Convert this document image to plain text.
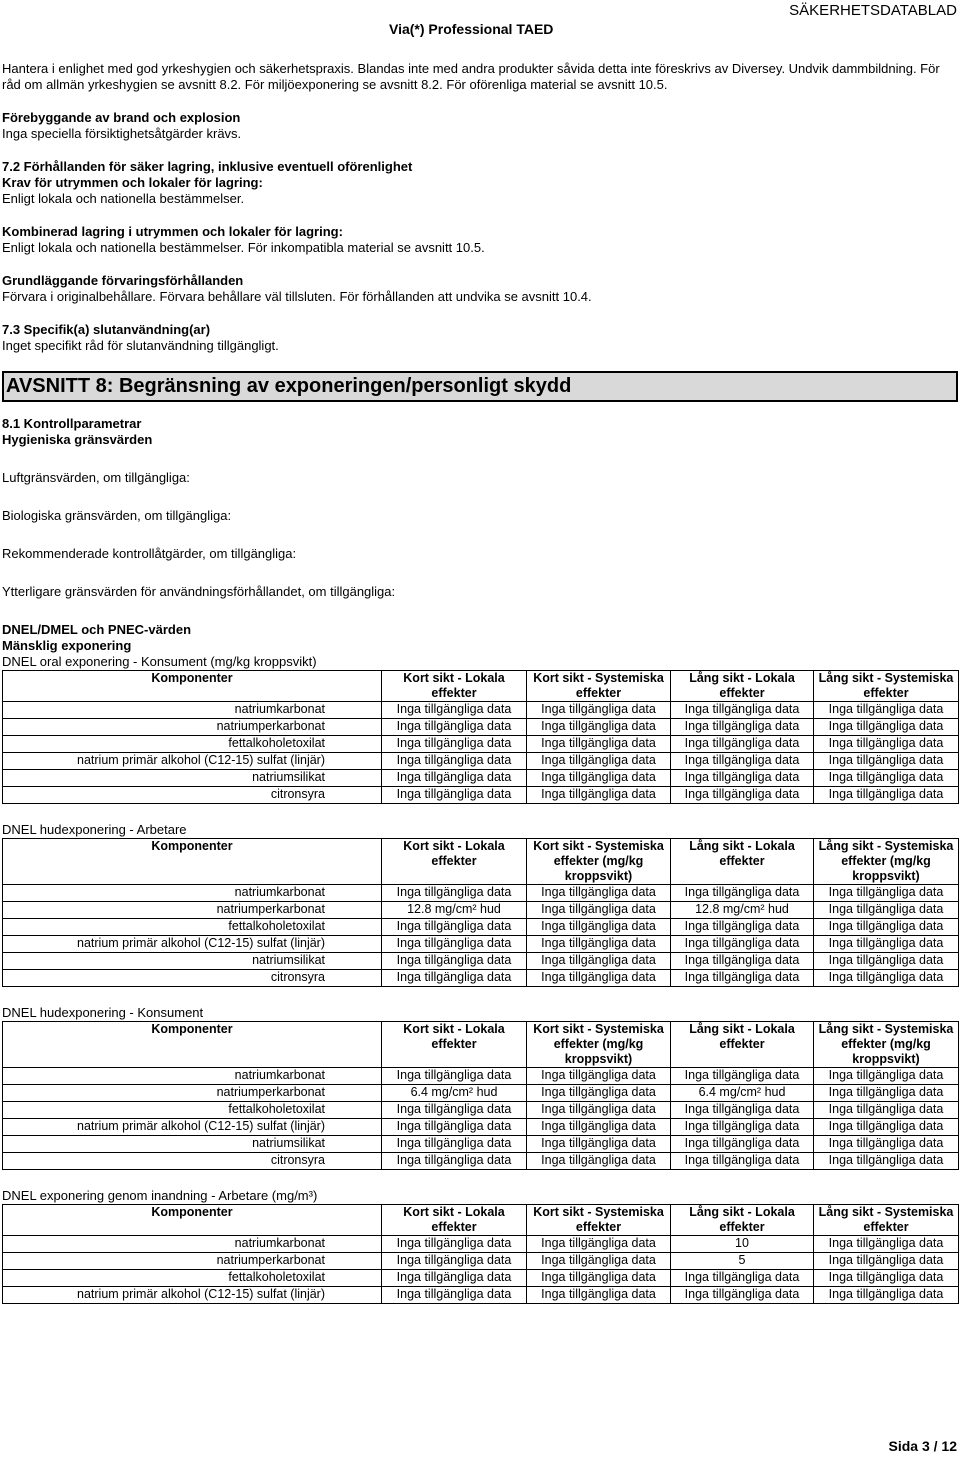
Via(*) Professional TAED
SÄKERHETSDATABLAD

Hantera i enlighet med god yrkeshygien och säkerhetspraxis. Blandas inte med andra produkter såvida detta inte föreskrivs av Diversey. Undvik dammbildning. För råd om allmän yrkeshygien se avsnitt 8.2. För miljöexponering se avsnitt 8.2. För oförenliga material se avsnitt 10.5.

Förebyggande av brand och explosion

Inga speciella försiktighetsåtgärder krävs.

7.2 Förhållanden för säker lagring, inklusive eventuell oförenlighet

Krav för utrymmen och lokaler för lagring:

Enligt lokala och nationella bestämmelser.

Kombinerad lagring i utrymmen och lokaler för lagring:

Enligt lokala och nationella bestämmelser. För inkompatibla material se avsnitt 10.5.

Grundläggande förvaringsförhållanden

Förvara i originalbehållare. Förvara behållare väl tillsluten. För förhållanden att undvika se avsnitt 10.4.

7.3 Specifik(a) slutanvändning(ar)

Inget specifikt råd för slutanvändning tillgängligt.

AVSNITT 8: Begränsning av exponeringen/personligt skydd

8.1 Kontrollparametrar

Hygieniska gränsvärden

Luftgränsvärden, om tillgängliga:

Biologiska gränsvärden, om tillgängliga:

Rekommenderade kontrollåtgärder, om tillgängliga:

Ytterligare gränsvärden för användningsförhållandet, om tillgängliga:

DNEL/DMEL och PNEC-värden

Mänsklig exponering

DNEL oral exponering - Konsument (mg/kg kroppsvikt)

Komponenter	Kort sikt - Lokala effekter	Kort sikt - Systemiska effekter	Lång sikt - Lokala effekter	Lång sikt - Systemiska effekter
natriumkarbonat	Inga tillgängliga data	Inga tillgängliga data	Inga tillgängliga data	Inga tillgängliga data
natriumperkarbonat	Inga tillgängliga data	Inga tillgängliga data	Inga tillgängliga data	Inga tillgängliga data
fettalkoholetoxilat	Inga tillgängliga data	Inga tillgängliga data	Inga tillgängliga data	Inga tillgängliga data
natrium primär alkohol (C12-15) sulfat (linjär)	Inga tillgängliga data	Inga tillgängliga data	Inga tillgängliga data	Inga tillgängliga data
natriumsilikat	Inga tillgängliga data	Inga tillgängliga data	Inga tillgängliga data	Inga tillgängliga data
citronsyra	Inga tillgängliga data	Inga tillgängliga data	Inga tillgängliga data	Inga tillgängliga data

DNEL hudexponering - Arbetare

Komponenter	Kort sikt - Lokala effekter	Kort sikt - Systemiska effekter (mg/kg kroppsvikt)	Lång sikt - Lokala effekter	Lång sikt - Systemiska effekter (mg/kg kroppsvikt)
natriumkarbonat	Inga tillgängliga data	Inga tillgängliga data	Inga tillgängliga data	Inga tillgängliga data
natriumperkarbonat	12.8 mg/cm² hud	Inga tillgängliga data	12.8 mg/cm² hud	Inga tillgängliga data
fettalkoholetoxilat	Inga tillgängliga data	Inga tillgängliga data	Inga tillgängliga data	Inga tillgängliga data
natrium primär alkohol (C12-15) sulfat (linjär)	Inga tillgängliga data	Inga tillgängliga data	Inga tillgängliga data	Inga tillgängliga data
natriumsilikat	Inga tillgängliga data	Inga tillgängliga data	Inga tillgängliga data	Inga tillgängliga data
citronsyra	Inga tillgängliga data	Inga tillgängliga data	Inga tillgängliga data	Inga tillgängliga data

DNEL hudexponering - Konsument

Komponenter	Kort sikt - Lokala effekter	Kort sikt - Systemiska effekter (mg/kg kroppsvikt)	Lång sikt - Lokala effekter	Lång sikt - Systemiska effekter (mg/kg kroppsvikt)
natriumkarbonat	Inga tillgängliga data	Inga tillgängliga data	Inga tillgängliga data	Inga tillgängliga data
natriumperkarbonat	6.4 mg/cm² hud	Inga tillgängliga data	6.4 mg/cm² hud	Inga tillgängliga data
fettalkoholetoxilat	Inga tillgängliga data	Inga tillgängliga data	Inga tillgängliga data	Inga tillgängliga data
natrium primär alkohol (C12-15) sulfat (linjär)	Inga tillgängliga data	Inga tillgängliga data	Inga tillgängliga data	Inga tillgängliga data
natriumsilikat	Inga tillgängliga data	Inga tillgängliga data	Inga tillgängliga data	Inga tillgängliga data
citronsyra	Inga tillgängliga data	Inga tillgängliga data	Inga tillgängliga data	Inga tillgängliga data

DNEL exponering genom inandning - Arbetare (mg/m³)

Komponenter	Kort sikt - Lokala effekter	Kort sikt - Systemiska effekter	Lång sikt - Lokala effekter	Lång sikt - Systemiska effekter
natriumkarbonat	Inga tillgängliga data	Inga tillgängliga data	10	Inga tillgängliga data
natriumperkarbonat	Inga tillgängliga data	Inga tillgängliga data	5	Inga tillgängliga data
fettalkoholetoxilat	Inga tillgängliga data	Inga tillgängliga data	Inga tillgängliga data	Inga tillgängliga data
natrium primär alkohol (C12-15) sulfat (linjär)	Inga tillgängliga data	Inga tillgängliga data	Inga tillgängliga data	Inga tillgängliga data
Sida 3 / 12
